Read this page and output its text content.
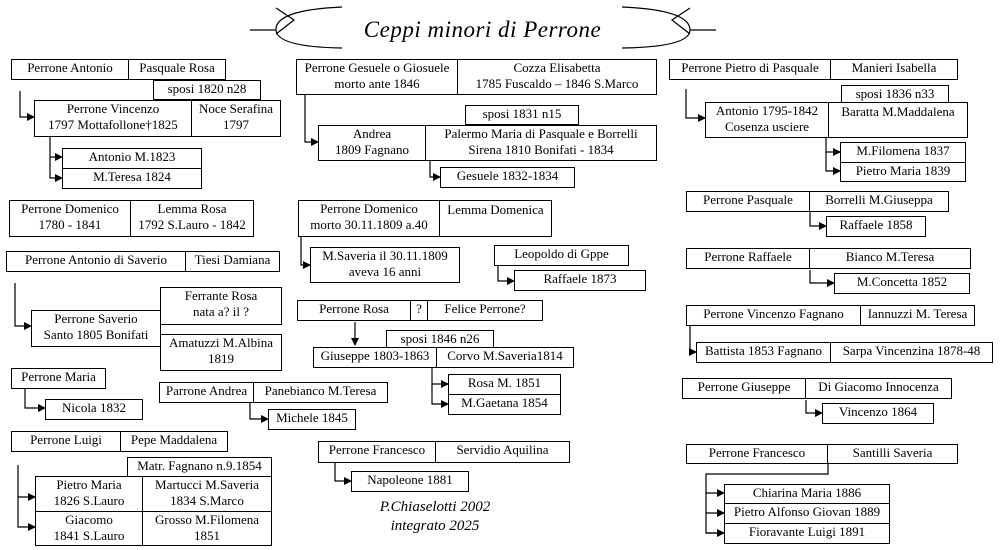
Ceppi minori di Perrone
Perrone Antonio	Pasquale Rosa
sposi 1820 n28
Perrone Vincenzo
1797 Mottafollone†1825
Noce Serafina
1797
Antonio M.1823
M.Teresa 1824
Perrone Domenico
1780 - 1841
Lemma Rosa
1792 S.Lauro - 1842
Perrone Antonio di Saverio	Tiesi Damiana
Perrone Saverio
Santo 1805 Bonifati
Ferrante Rosa
nata a? il ?
Amatuzzi M.Albina
1819
Perrone Maria
Nicola 1832
Parrone Andrea	Panebianco M.Teresa
Michele 1845
Perrone Luigi	Pepe Maddalena
Matr. Fagnano n.9.1854
Pietro Maria
1826 S.Lauro
Martucci M.Saveria
1834 S.Marco
Giacomo
1841 S.Lauro
Grosso M.Filomena
1851
Perrone Gesuele o Giosuele
morto ante 1846
Cozza Elisabetta
1785 Fuscaldo – 1846 S.Marco
sposi 1831 n15
Andrea
1809 Fagnano
Palermo Maria di Pasquale e Borrelli
Sirena 1810 Bonifati - 1834
Gesuele 1832-1834
Perrone Domenico
morto 30.11.1809 a.40
Lemma Domenica
M.Saveria il 30.11.1809
aveva 16 anni
Leopoldo di Gppe
Raffaele 1873
Perrone Rosa	?	Felice Perrone?
sposi 1846 n26
Giuseppe 1803-1863	Corvo M.Saveria1814
Rosa M. 1851
M.Gaetana 1854
Perrone Francesco	Servidio Aquilina
Napoleone 1881
P.Chiaselotti 2002
integrato 2025
Perrone Pietro di Pasquale	Manieri Isabella
sposi 1836 n33
Antonio 1795-1842
Cosenza usciere
Baratta M.Maddalena
M.Filomena 1837
Pietro Maria 1839
Perrone Pasquale	Borrelli M.Giuseppa
Raffaele 1858
Perrone Raffaele	Bianco M.Teresa
M.Concetta 1852
Perrone Vincenzo Fagnano	Iannuzzi M. Teresa
Battista 1853 Fagnano	Sarpa Vincenzina 1878-48
Perrone Giuseppe	Di Giacomo Innocenza
Vincenzo 1864
Perrone Francesco	Santilli Saveria
Chiarina Maria 1886
Pietro Alfonso Giovan 1889
Fioravante Luigi 1891
